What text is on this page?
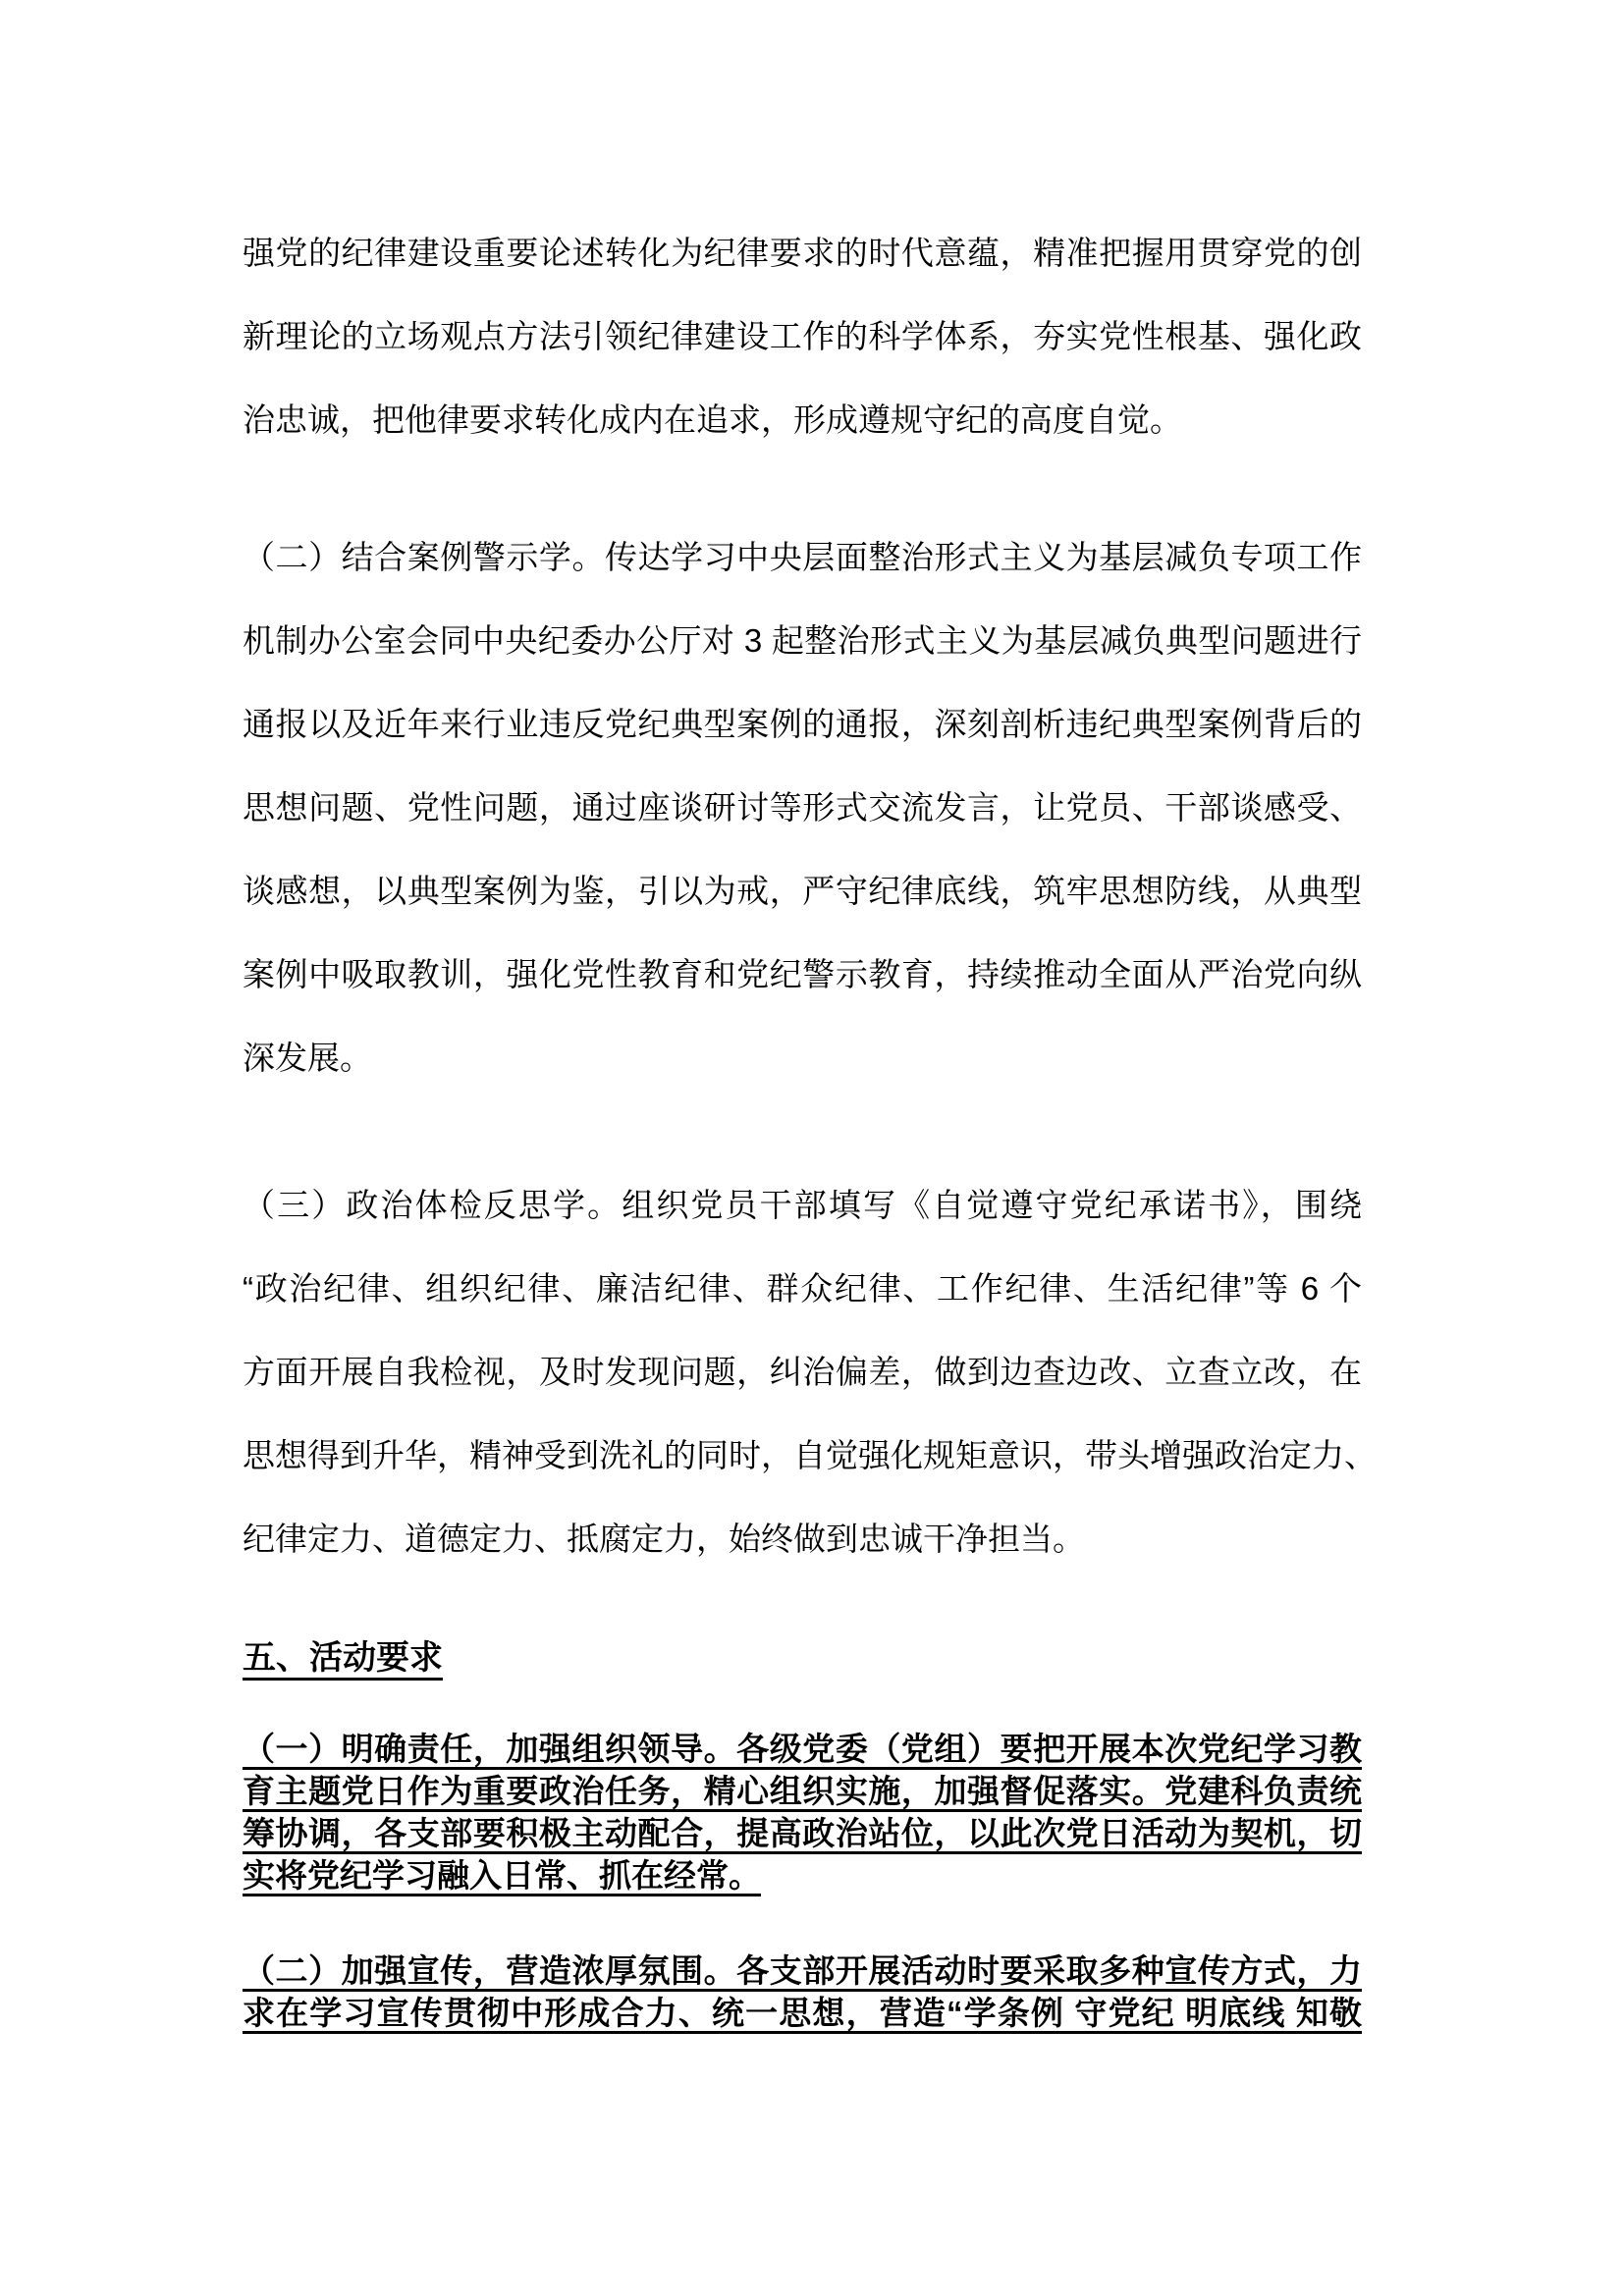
强党的纪律建设重要论述转化为纪律要求的时代意蕴，精准把握用贯穿党的创
新理论的立场观点方法引领纪律建设工作的科学体系，夯实党性根基、强化政
治忠诚，把他律要求转化成内在追求，形成遵规守纪的高度自觉。
（二）结合案例警示学。传达学习中央层面整治形式主义为基层减负专项工作
机制办公室会同中央纪委办公厅对 3 起整治形式主义为基层减负典型问题进行
通报以及近年来行业违反党纪典型案例的通报，深刻剖析违纪典型案例背后的
思想问题、党性问题，通过座谈研讨等形式交流发言，让党员、干部谈感受、
谈感想，以典型案例为鉴，引以为戒，严守纪律底线，筑牢思想防线，从典型
案例中吸取教训，强化党性教育和党纪警示教育，持续推动全面从严治党向纵
深发展。
（三）政治体检反思学。组织党员干部填写《自觉遵守党纪承诺书》，围绕
“政治纪律、组织纪律、廉洁纪律、群众纪律、工作纪律、生活纪律”等 6 个
方面开展自我检视，及时发现问题，纠治偏差，做到边查边改、立查立改，在
思想得到升华，精神受到洗礼的同时，自觉强化规矩意识，带头增强政治定力、
纪律定力、道德定力、抵腐定力，始终做到忠诚干净担当。
五、活动要求
（一）明确责任，加强组织领导。各级党委（党组）要把开展本次党纪学习教
育主题党日作为重要政治任务，精心组织实施，加强督促落实。党建科负责统
筹协调，各支部要积极主动配合，提高政治站位，以此次党日活动为契机，切
实将党纪学习融入日常、抓在经常。
（二）加强宣传，营造浓厚氛围。各支部开展活动时要采取多种宣传方式，力
求在学习宣传贯彻中形成合力、统一思想，营造“学条例 守党纪 明底线 知敬
